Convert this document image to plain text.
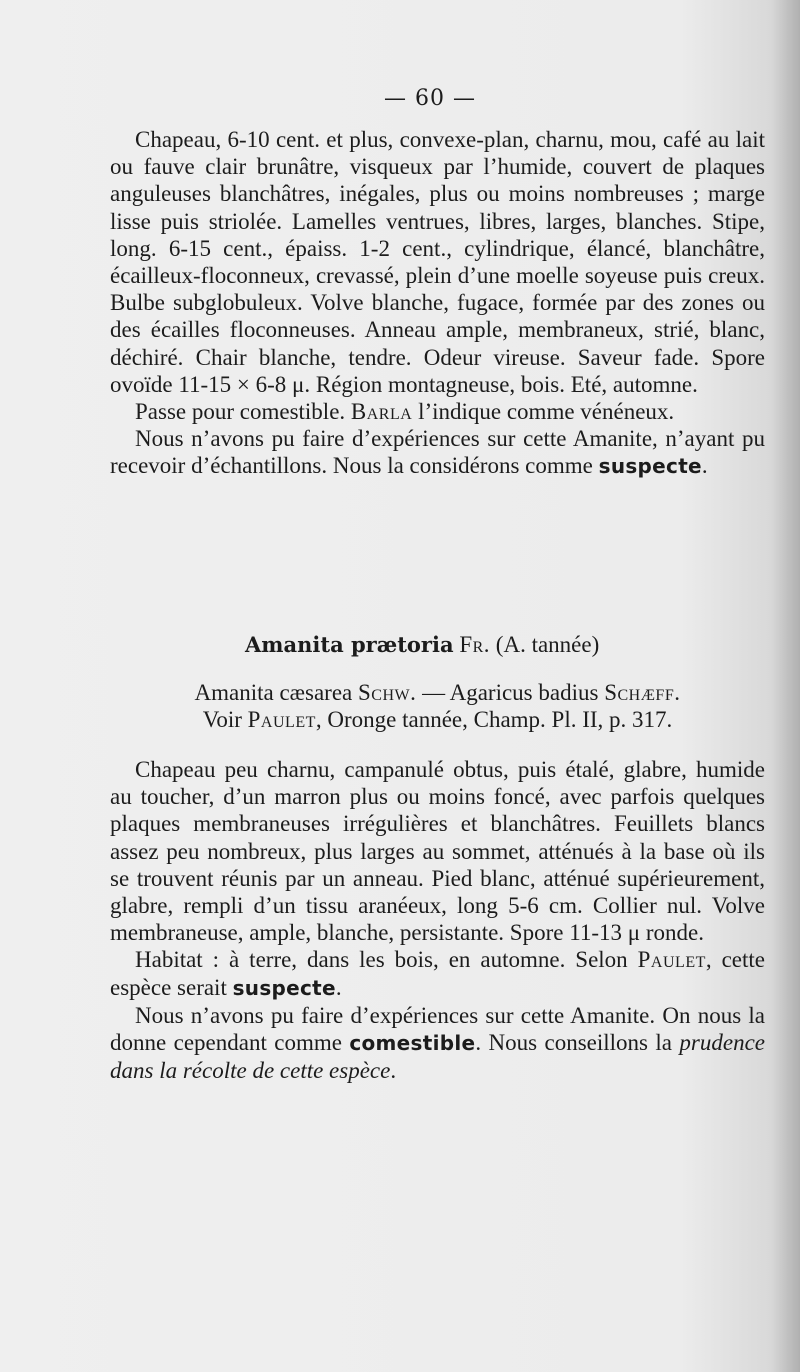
— 60 —

Chapeau, 6-10 cent. et plus, convexe-plan, charnu, mou, café au lait ou fauve clair brunâtre, visqueux par l’humide, couvert de plaques anguleuses blanchâtres, inégales, plus ou moins nombreuses ; marge lisse puis striolée. Lamelles ventrues, libres, larges, blanches. Stipe, long. 6-15 cent., épaiss. 1-2 cent., cylindrique, élancé, blanchâtre, écailleux-floconneux, crevassé, plein d’une moelle soyeuse puis creux. Bulbe subglobuleux. Volve blanche, fugace, formée par des zones ou des écailles floconneuses. Anneau ample, membraneux, strié, blanc, déchiré. Chair blanche, tendre. Odeur vireuse. Saveur fade. Spore ovoïde 11-15 × 6-8 μ. Région montagneuse, bois. Eté, automne.

Passe pour comestible. Barla l’indique comme vénéneux.

Nous n’avons pu faire d’expériences sur cette Amanite, n’ayant pu recevoir d’échantillons. Nous la considérons comme suspecte.

Amanita prætoria Fr. (A. tannée)
Amanita cæsarea Schw. — Agaricus badius Schæff.
Voir Paulet, Oronge tannée, Champ. Pl. II, p. 317.

Chapeau peu charnu, campanulé obtus, puis étalé, glabre, humide au toucher, d’un marron plus ou moins foncé, avec parfois quelques plaques membraneuses irrégulières et blanchâtres. Feuillets blancs assez peu nombreux, plus larges au sommet, atténués à la base où ils se trouvent réunis par un anneau. Pied blanc, atténué supérieurement, glabre, rempli d’un tissu aranéeux, long 5-6 cm. Collier nul. Volve membraneuse, ample, blanche, persistante. Spore 11-13 μ ronde.

Habitat : à terre, dans les bois, en automne. Selon Paulet, cette espèce serait suspecte.

Nous n’avons pu faire d’expériences sur cette Amanite. On nous la donne cependant comme comestible. Nous conseillons la prudence dans la récolte de cette espèce.
